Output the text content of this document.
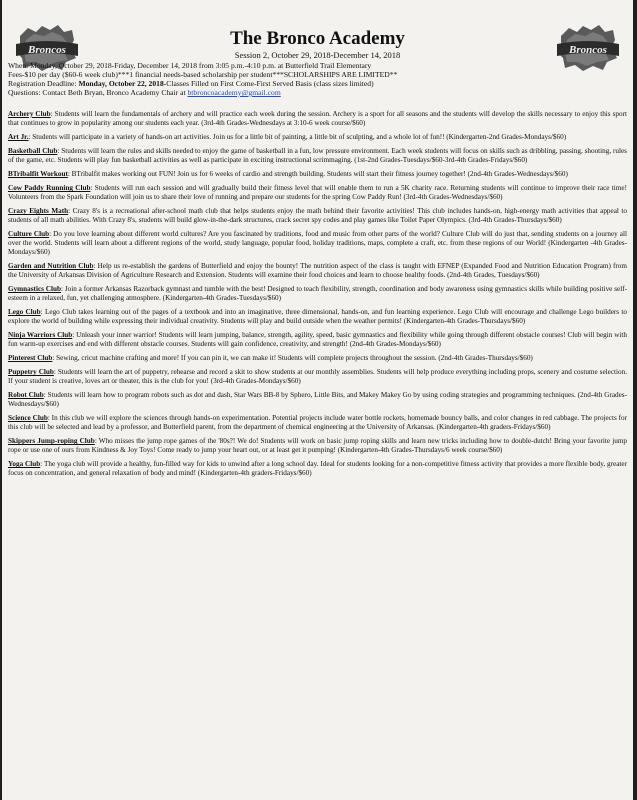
Broncos	Broncos
The Bronco Academy
Session 2, October 29, 2018-December 14, 2018

When: Monday, October 29, 2018-Friday, December 14, 2018 from 3:05 p.m.-4:10 p.m. at Butterfield Trail Elementary

Fees-$10 per day ($60-6 week club)***1 financial needs-based scholarship per student***SCHOLARSHIPS ARE LIMITED**

Registration Deadline: Monday, October 22, 2018-Classes Filled on First Come-First Served Basis (class sizes limited)

Questions: Contact Beth Bryan, Bronco Academy Chair at btbroncoacademy@gmail.com

Archery Club: Students will learn the fundamentals of archery and will practice each week during the session. Archery is a sport for all seasons and the students will develop the skills necessary to enjoy this sport that continues to grow in popularity among our students each year. (3rd-4th Grades-Wednesdays at 3:10-6 week course/$60)

Art Jr.: Students will participate in a variety of hands-on art activities. Join us for a little bit of painting, a little bit of sculpting, and a whole lot of fun!! (Kindergarten-2nd Grades-Mondays/$60)

Basketball Club: Students will learn the rules and skills needed to enjoy the game of basketball in a fun, low pressure environment. Each week students will focus on skills such as dribbling, passing, shooting, rules of the game, etc. Students will play fun basketball activities as well as participate in exciting instructional scrimmaging. (1st-2nd Grades-Tuesdays/$60-3rd-4th Grades-Fridays/$60)

BTribalfit Workout: BTribalfit makes working out FUN! Join us for 6 weeks of cardio and strength building. Students will start their fitness journey together! (2nd-4th Grades-Wednesdays/$60)

Cow Paddy Running Club: Students will run each session and will gradually build their fitness level that will enable them to run a 5K charity race. Returning students will continue to improve their race time! Volunteers from the Spark Foundation will join us to share their love of running and prepare our students for the spring Cow Paddy Run! (3rd-4th Grades-Wednesdays/$60)

Crazy Eights Math: Crazy 8's is a recreational after-school math club that helps students enjoy the math behind their favorite activities! This club includes hands-on, high-energy math activities that appeal to students of all math abilities. With Crazy 8's, students will build glow-in-the-dark structures, crack secret spy codes and play games like Toilet Paper Olympics. (3rd-4th Grades-Thursdays/$60)

Culture Club: Do you love learning about different world cultures? Are you fascinated by traditions, food and music from other parts of the world? Culture Club will do just that, sending students on a journey all over the world. Students will learn about a different regions of the world, study language, popular food, holiday traditions, maps, complete a craft, etc. from these regions of our World! (Kindergarten -4th Grades-Mondays/$60)

Garden and Nutrition Club: Help us re-establish the gardens of Butterfield and enjoy the bounty! The nutrition aspect of the class is taught with EFNEP (Expanded Food and Nutrition Education Program) from the University of Arkansas Division of Agriculture Research and Extension. Students will examine their food choices and learn to choose healthy foods. (2nd-4th Grades, Tuesdays/$60)

Gymnastics Club: Join a former Arkansas Razorback gymnast and tumble with the best! Designed to teach flexibility, strength, coordination and body awareness using gymnastics skills while building positive self-esteem in a relaxed, fun, yet challenging atmosphere. (Kindergarten-4th Grades-Tuesdays/$60)

Lego Club: Lego Club takes learning out of the pages of a textbook and into an imaginative, three dimensional, hands-on, and fun learning experience. Lego Club will encourage and challenge Lego builders to explore the world of building while expressing their individual creativity. Students will play and build outside when the weather permits! (Kindergarten-4th Grades-Thursdays/$60)

Ninja Warriors Club: Unleash your inner warrior! Students will learn jumping, balance, strength, agility, speed, basic gymnastics and flexibility while going through different obstacle courses! Club will begin with fun warm-up exercises and end with different obstacle courses. Students will gain confidence, creativity, and strength! (2nd-4th Grades-Mondays/$60)

Pinterest Club: Sewing, cricut machine crafting and more! If you can pin it, we can make it! Students will complete projects throughout the session. (2nd-4th Grades-Thursdays/$60)

Puppetry Club: Students will learn the art of puppetry, rehearse and record a skit to show students at our monthly assemblies. Students will help produce everything including props, scenery and costume selection. If your student is creative, loves art or theater, this is the club for you! (3rd-4th Grades-Mondays/$60)

Robot Club: Students will learn how to program robots such as dot and dash, Star Wars BB-8 by Sphero, Little Bits, and Makey Makey Go by using coding strategies and programming techniques. (2nd-4th Grades-Wednesdays/$60)

Science Club: In this club we will explore the sciences through hands-on experimentation. Potential projects include water bottle rockets, homemade bouncy balls, and color changes in red cabbage. The projects for this club will be selected and lead by a professor, and Butterfield parent, from the department of chemical engineering at the University of Arkansas. (Kindergarten-4th graders-Fridays/$60)

Skippers Jump-roping Club: Who misses the jump rope games of the '80s?! We do! Students will work on basic jump roping skills and learn new tricks including how to double-dutch! Bring your favorite jump rope or use one of ours from Kindness & Joy Toys! Come ready to jump your heart out, or at least get it pumping! (Kindergarten-4th Grades-Thursdays/6 week course/$60)

Yoga Club: The yoga club will provide a healthy, fun-filled way for kids to unwind after a long school day. Ideal for students looking for a non-competitive fitness activity that provides a more flexible body, greater focus on concentration, and general relaxation of body and mind! (Kindergarten-4th graders-Fridays/$60)
